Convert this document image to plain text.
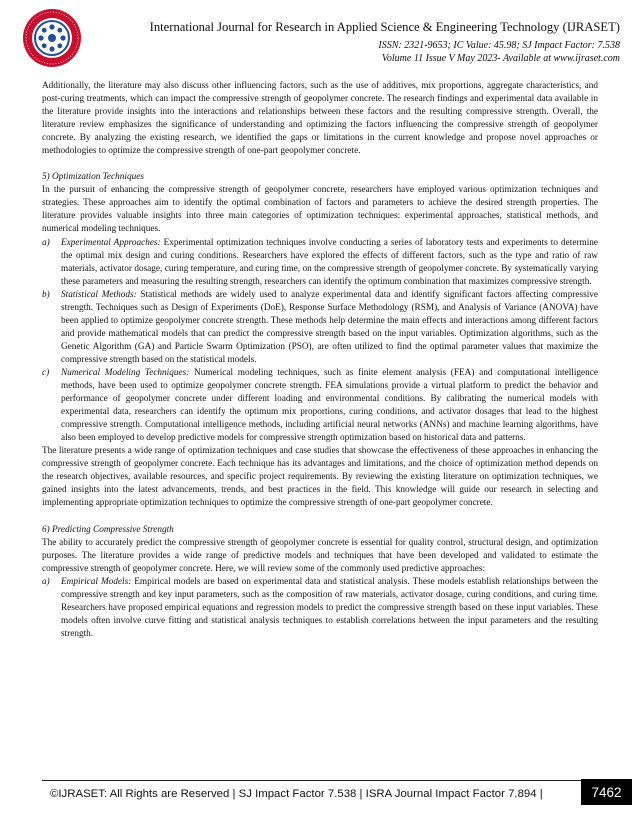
International Journal for Research in Applied Science & Engineering Technology (IJRASET)
ISSN: 2321-9653; IC Value: 45.98; SJ Impact Factor: 7.538
Volume 11 Issue V May 2023- Available at www.ijraset.com

Additionally, the literature may also discuss other influencing factors, such as the use of additives, mix proportions, aggregate characteristics, and post-curing treatments, which can impact the compressive strength of geopolymer concrete. The research findings and experimental data available in the literature provide insights into the interactions and relationships between these factors and the resulting compressive strength. Overall, the literature review emphasizes the significance of understanding and optimizing the factors influencing the compressive strength of geopolymer concrete. By analyzing the existing research, we identified the gaps or limitations in the current knowledge and propose novel approaches or methodologies to optimize the compressive strength of one-part geopolymer concrete.

5) Optimization Techniques

In the pursuit of enhancing the compressive strength of geopolymer concrete, researchers have employed various optimization techniques and strategies. These approaches aim to identify the optimal combination of factors and parameters to achieve the desired strength properties. The literature provides valuable insights into three main categories of optimization techniques: experimental approaches, statistical methods, and numerical modeling techniques.

a) Experimental Approaches: Experimental optimization techniques involve conducting a series of laboratory tests and experiments to determine the optimal mix design and curing conditions. Researchers have explored the effects of different factors, such as the type and ratio of raw materials, activator dosage, curing temperature, and curing time, on the compressive strength of geopolymer concrete. By systematically varying these parameters and measuring the resulting strength, researchers can identify the optimum combination that maximizes compressive strength.
b) Statistical Methods: Statistical methods are widely used to analyze experimental data and identify significant factors affecting compressive strength. Techniques such as Design of Experiments (DoE), Response Surface Methodology (RSM), and Analysis of Variance (ANOVA) have been applied to optimize geopolymer concrete strength. These methods help determine the main effects and interactions among different factors and provide mathematical models that can predict the compressive strength based on the input variables. Optimization algorithms, such as the Genetic Algorithm (GA) and Particle Swarm Optimization (PSO), are often utilized to find the optimal parameter values that maximize the compressive strength based on the statistical models.
c) Numerical Modeling Techniques: Numerical modeling techniques, such as finite element analysis (FEA) and computational intelligence methods, have been used to optimize geopolymer concrete strength. FEA simulations provide a virtual platform to predict the behavior and performance of geopolymer concrete under different loading and environmental conditions. By calibrating the numerical models with experimental data, researchers can identify the optimum mix proportions, curing conditions, and activator dosages that lead to the highest compressive strength. Computational intelligence methods, including artificial neural networks (ANNs) and machine learning algorithms, have also been employed to develop predictive models for compressive strength optimization based on historical data and patterns.

The literature presents a wide range of optimization techniques and case studies that showcase the effectiveness of these approaches in enhancing the compressive strength of geopolymer concrete. Each technique has its advantages and limitations, and the choice of optimization method depends on the research objectives, available resources, and specific project requirements. By reviewing the existing literature on optimization techniques, we gained insights into the latest advancements, trends, and best practices in the field. This knowledge will guide our research in selecting and implementing appropriate optimization techniques to optimize the compressive strength of one-part geopolymer concrete.

6) Predicting Compressive Strength

The ability to accurately predict the compressive strength of geopolymer concrete is essential for quality control, structural design, and optimization purposes. The literature provides a wide range of predictive models and techniques that have been developed and validated to estimate the compressive strength of geopolymer concrete. Here, we will review some of the commonly used predictive approaches:

a) Empirical Models: Empirical models are based on experimental data and statistical analysis. These models establish relationships between the compressive strength and key input parameters, such as the composition of raw materials, activator dosage, curing conditions, and curing time. Researchers have proposed empirical equations and regression models to predict the compressive strength based on these input variables. These models often involve curve fitting and statistical analysis techniques to establish correlations between the input parameters and the resulting strength.
©IJRASET: All Rights are Reserved | SJ Impact Factor 7.538 | ISRA Journal Impact Factor 7.894 |	7462
